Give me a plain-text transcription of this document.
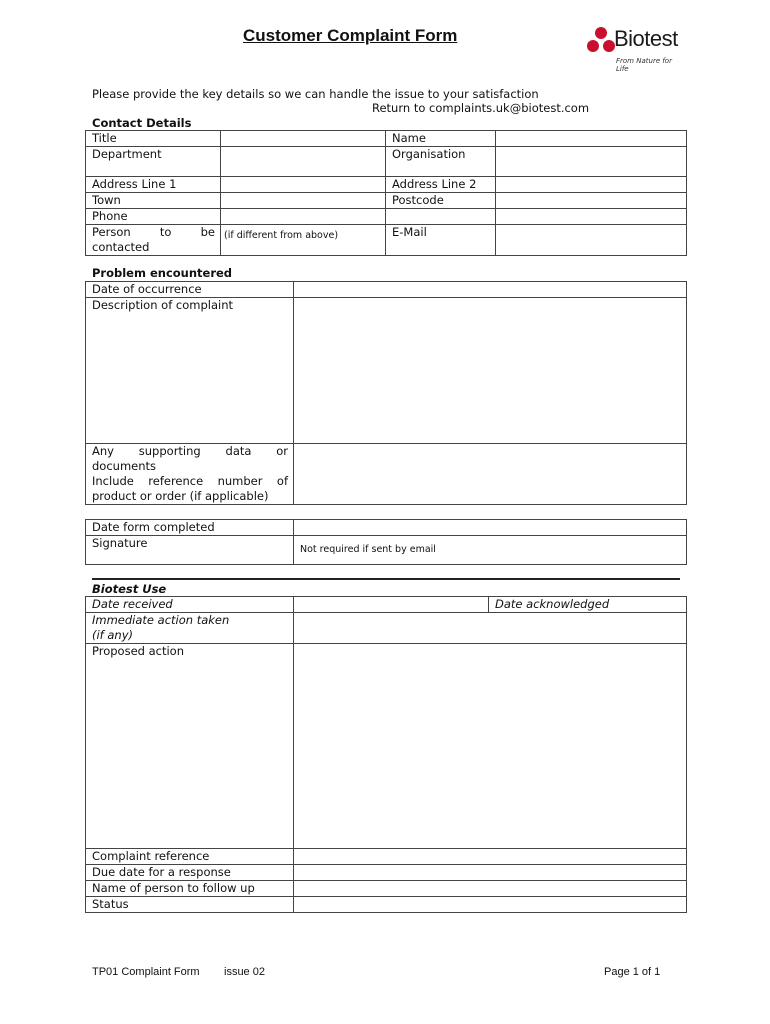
Customer Complaint Form	Biotest
From Nature for Life
Please provide the key details so we can handle the issue to your satisfaction
Return to complaints.uk@biotest.com
Contact Details
Title		Name	
Department		Organisation	
Address Line 1		Address Line 2	
Town		Postcode	
Phone			
Person to be contacted	(if different from above)	E-Mail	
Problem encountered
Date of occurrence	
Description of complaint	

Any supporting data or documents
Include reference number of product or order (if applicable)	

Date form completed	
Signature	$_{Not required if sent by email}$
Biotest Use
Date received		Date acknowledged

Immediate action taken
(if any)		

Proposed action		
Complaint reference		
Due date for a response		
Name of person to follow up		
Status		
TP01 Complaint Form issue 02	Page 1 of 1
